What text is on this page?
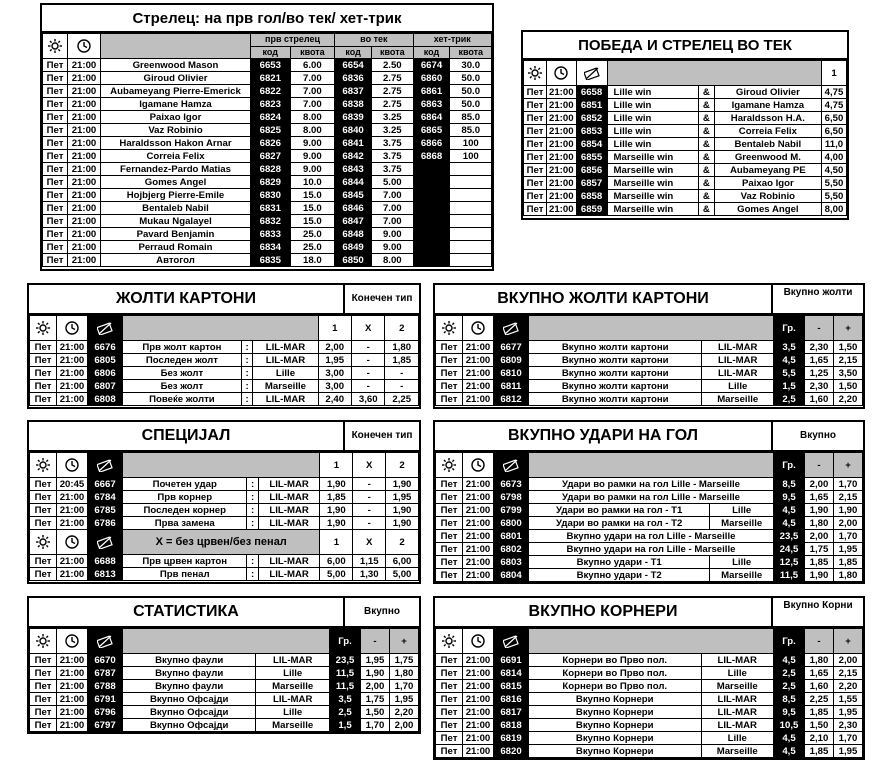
Стрелец: на прв гол/во тек/ хет-трик

		прв стрелец		во тек		хет-трик	
			код	квота	код	квота	код	квота
Пет	21:00	Greenwood Mason	6653	6.00	6654	2.50	6674	30.0
Пет	21:00	Giroud Olivier	6821	7.00	6836	2.75	6860	50.0
Пет	21:00	Aubameyang Pierre-Emerick	6822	7.00	6837	2.75	6861	50.0
Пет	21:00	Igamane Hamza	6823	7.00	6838	2.75	6863	50.0
Пет	21:00	Paixao Igor	6824	8.00	6839	3.25	6864	85.0
Пет	21:00	Vaz Robinio	6825	8.00	6840	3.25	6865	85.0
Пет	21:00	Haraldsson Hakon Arnar	6826	9.00	6841	3.75	6866	100
Пет	21:00	Correia Felix	6827	9.00	6842	3.75	6868	100
Пет	21:00	Fernandez-Pardo Matias	6828	9.00	6843	3.75		
Пет	21:00	Gomes Angel	6829	10.0	6844	5.00		
Пет	21:00	Hojbjerg Pierre-Emile	6830	15.0	6845	7.00		
Пет	21:00	Bentaleb Nabil	6831	15.0	6846	7.00		
Пет	21:00	Mukau Ngalayel	6832	15.0	6847	7.00		
Пет	21:00	Pavard Benjamin	6833	25.0	6848	9.00		
Пет	21:00	Perraud Romain	6834	25.0	6849	9.00		
Пет	21:00	Автогол	6835	18.0	6850	8.00		
ПОБЕДА И СТРЕЛЕЦ ВО ТЕК

		1
Пет	21:00	6658	Lille win	&	Giroud Olivier	4,75
Пет	21:00	6851	Lille win	&	Igamane Hamza	4,75
Пет	21:00	6852	Lille win	&	Haraldsson H.A.	6,50
Пет	21:00	6853	Lille win	&	Correia Felix	6,50
Пет	21:00	6854	Lille win	&	Bentaleb Nabil	11,0
Пет	21:00	6855	Marseille win	&	Greenwood M.	4,00
Пет	21:00	6856	Marseille win	&	Aubameyang PE	4,50
Пет	21:00	6857	Marseille win	&	Paixao Igor	5,50
Пет	21:00	6858	Marseille win	&	Vaz Robinio	5,50
Пет	21:00	6859	Marseille win	&	Gomes Angel	8,00
ЖОЛТИ КАРТОНИ	Конечен тип

		1	X	2
Пет	21:00	6676	Прв жолт картон	:	LIL-MAR	2,00	-	1,80
Пет	21:00	6805	Последен жолт	:	LIL-MAR	1,95	-	1,85
Пет	21:00	6806	Без жолт	:	Lille	3,00	-	-
Пет	21:00	6807	Без жолт	:	Marseille	3,00	-	-
Пет	21:00	6808	Повеќе жолти	:	LIL-MAR	2,40	3,60	2,25
ВКУПНО ЖОЛТИ КАРТОНИ	Вкупно жолти

		Гр.	-	+
Пет	21:00	6677	Вкупно жолти картони	LIL-MAR	3,5	2,30	1,50
Пет	21:00	6809	Вкупно жолти картони	LIL-MAR	4,5	1,65	2,15
Пет	21:00	6810	Вкупно жолти картони	LIL-MAR	5,5	1,25	3,50
Пет	21:00	6811	Вкупно жолти картони	Lille	1,5	2,30	1,50
Пет	21:00	6812	Вкупно жолти картони	Marseille	2,5	1,60	2,20
СПЕЦИЈАЛ	Конечен тип

		1	X	2
Пет	20:45	6667	Почетен удар	:	LIL-MAR	1,90	-	1,90
Пет	21:00	6784	Прв корнер	:	LIL-MAR	1,85	-	1,95
Пет	21:00	6785	Последен корнер	:	LIL-MAR	1,90	-	1,90
Пет	21:00	6786	Прва замена	:	LIL-MAR	1,90	-	1,90

	X = без црвен/без пенал			1	X	2
Пет	21:00	6688	Прв црвен картон	:	LIL-MAR	6,00	1,15	6,00
Пет	21:00	6813	Прв пенал	:	LIL-MAR	5,00	1,30	5,00
ВКУПНО УДАРИ НА ГОЛ	Вкупно

		Гр.	-	+
Пет	21:00	6673	Удари во рамки на гол Lille - Marseille		8,5	2,00	1,70
Пет	21:00	6798	Удари во рамки на гол Lille - Marseille		9,5	1,65	2,15
Пет	21:00	6799	Удари во рамки на гол - Т1	Lille	4,5	1,90	1,90
Пет	21:00	6800	Удари во рамки на гол - Т2	Marseille	4,5	1,80	2,00
Пет	21:00	6801	Вкупно удари на гол Lille - Marseille		23,5	2,00	1,70
Пет	21:00	6802	Вкупно удари на гол Lille - Marseille		24,5	1,75	1,95
Пет	21:00	6803	Вкупно удари - Т1	Lille	12,5	1,85	1,85
Пет	21:00	6804	Вкупно удари - Т2	Marseille	11,5	1,90	1,80
СТАТИСТИКА	Вкупно

		Гр.	-	+
Пет	21:00	6670	Вкупно фаули	LIL-MAR	23,5	1,95	1,75
Пет	21:00	6787	Вкупно фаули	Lille	11,5	1,90	1,80
Пет	21:00	6788	Вкупно фаули	Marseille	11,5	2,00	1,70
Пет	21:00	6791	Вкупно Офсајди	LIL-MAR	3,5	1,75	1,95
Пет	21:00	6796	Вкупно Офсајди	Lille	2,5	1,50	2,20
Пет	21:00	6797	Вкупно Офсајди	Marseille	1,5	1,70	2,00
ВКУПНО КОРНЕРИ	Вкупно Корни

		Гр.	-	+
Пет	21:00	6691	Корнери во Прво пол.	LIL-MAR	4,5	1,80	2,00
Пет	21:00	6814	Корнери во Прво пол.	Lille	2,5	1,65	2,15
Пет	21:00	6815	Корнери во Прво пол.	Marseille	2,5	1,60	2,20
Пет	21:00	6816	Вкупно Корнери	LIL-MAR	8,5	2,25	1,55
Пет	21:00	6817	Вкупно Корнери	LIL-MAR	9,5	1,85	1,95
Пет	21:00	6818	Вкупно Корнери	LIL-MAR	10,5	1,50	2,30
Пет	21:00	6819	Вкупно Корнери	Lille	4,5	2,10	1,70
Пет	21:00	6820	Вкупно Корнери	Marseille	4,5	1,85	1,95
